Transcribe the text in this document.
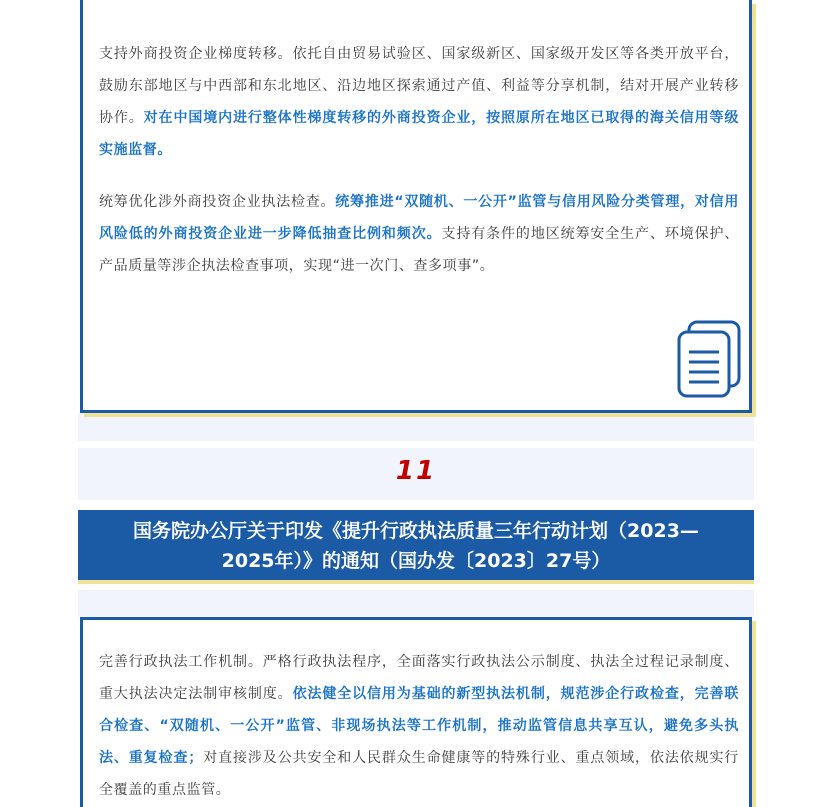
支持外商投资企业梯度转移。依托自由贸易试验区、国家级新区、国家级开发区等各类开放平台，鼓励东部地区与中西部和东北地区、沿边地区探索通过产值、利益等分享机制，结对开展产业转移协作。对在中国境内进行整体性梯度转移的外商投资企业，按照原所在地区已取得的海关信用等级实施监督。

统筹优化涉外商投资企业执法检查。统筹推进“双随机、一公开”监管与信用风险分类管理，对信用风险低的外商投资企业进一步降低抽查比例和频次。支持有条件的地区统筹安全生产、环境保护、产品质量等涉企执法检查事项，实现“进一次门、查多项事”。

11
国务院办公厅关于印发《提升行政执法质量三年行动计划（2023—
2025年）》的通知（国办发〔2023〕27号）

完善行政执法工作机制。严格行政执法程序，全面落实行政执法公示制度、执法全过程记录制度、重大执法决定法制审核制度。依法健全以信用为基础的新型执法机制，规范涉企行政检查，完善联合检查、“双随机、一公开”监管、非现场执法等工作机制，推动监管信息共享互认，避免多头执法、重复检查；对直接涉及公共安全和人民群众生命健康等的特殊行业、重点领域，依法依规实行全覆盖的重点监管。
